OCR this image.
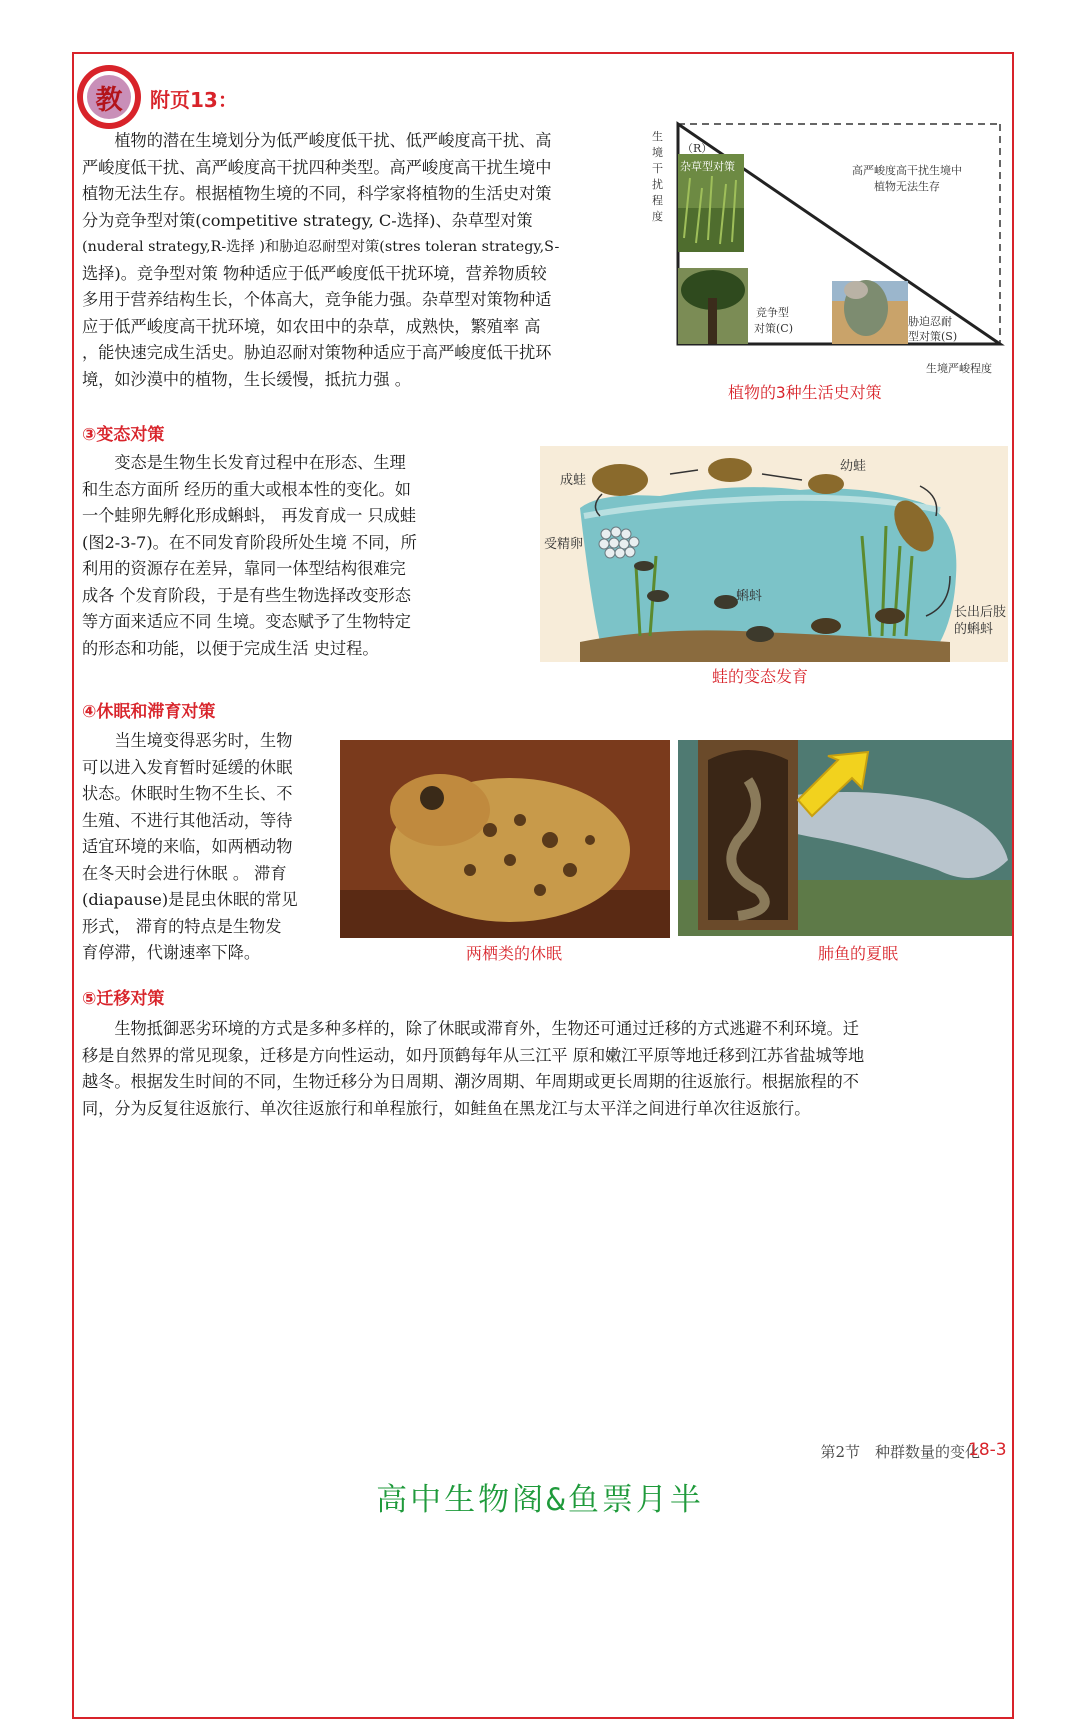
教	附页13：
　　植物的潜在生境划分为低严峻度低干扰、低严峻度高干扰、高
严峻度低干扰、高严峻度高干扰四种类型。高严峻度高干扰生境中
植物无法生存。根据植物生境的不同，科学家将植物的生活史对策
分为竞争型对策(competitive strategy, C-选择)、杂草型对策
(nuderal strategy,R-选择 )和胁迫忍耐型对策(stres toleran strategy,S-
选择)。竞争型对策 物种适应于低严峻度低干扰环境，营养物质较
多用于营养结构生长，个体高大，竞争能力强。杂草型对策物种适
应于低严峻度高干扰环境，如农田中的杂草，成熟快，繁殖率 高
，能快速完成生活史。胁迫忍耐对策物种适应于高严峻度低干扰环
境，如沙漠中的植物，生长缓慢，抵抗力强 。
生
境
干
扰
程
度
（R）
杂草型对策	高严峻度高干扰生境中
植物无法生存
竞争型
对策(C)
胁迫忍耐
型对策(S)
生境严峻程度
植物的3种生活史对策
③变态对策
　　变态是生物生长发育过程中在形态、生理
和生态方面所 经历的重大或根本性的变化。如
一个蛙卵先孵化形成蝌蚪， 再发育成一 只成蛙
(图2-3-7)。在不同发育阶段所处生境 不同，所
利用的资源存在差异，靠同一体型结构很难完
成各 个发育阶段，于是有些生物选择改变形态
等方面来适应不同 生境。变态赋予了生物特定
的形态和功能，以便于完成生活 史过程。
成蛙
幼蛙
受精卵
蝌蚪
长出后肢
的蝌蚪
蛙的变态发育
④休眠和滞育对策
　　当生境变得恶劣时，生物
可以进入发育暂时延缓的休眠
状态。休眠时生物不生长、不
生殖、不进行其他活动，等待
适宜环境的来临，如两栖动物
在冬天时会进行休眠 。 滞育
(diapause)是昆虫休眠的常见
形式， 滞育的特点是生物发
育停滞，代谢速率下降。	两栖类的休眠	肺鱼的夏眠
⑤迁移对策
　　生物抵御恶劣环境的方式是多种多样的，除了休眠或滞育外，生物还可通过迁移的方式逃避不利环境。迁
移是自然界的常见现象，迁移是方向性运动，如丹顶鹤每年从三江平 原和嫩江平原等地迁移到江苏省盐城等地
越冬。根据发生时间的不同，生物迁移分为日周期、潮汐周期、年周期或更长周期的往返旅行。根据旅程的不
同，分为反复往返旅行、单次往返旅行和单程旅行，如鲑鱼在黑龙江与太平洋之间进行单次往返旅行。
第2节　种群数量的变化
18-3
高中生物阁&鱼票月半
